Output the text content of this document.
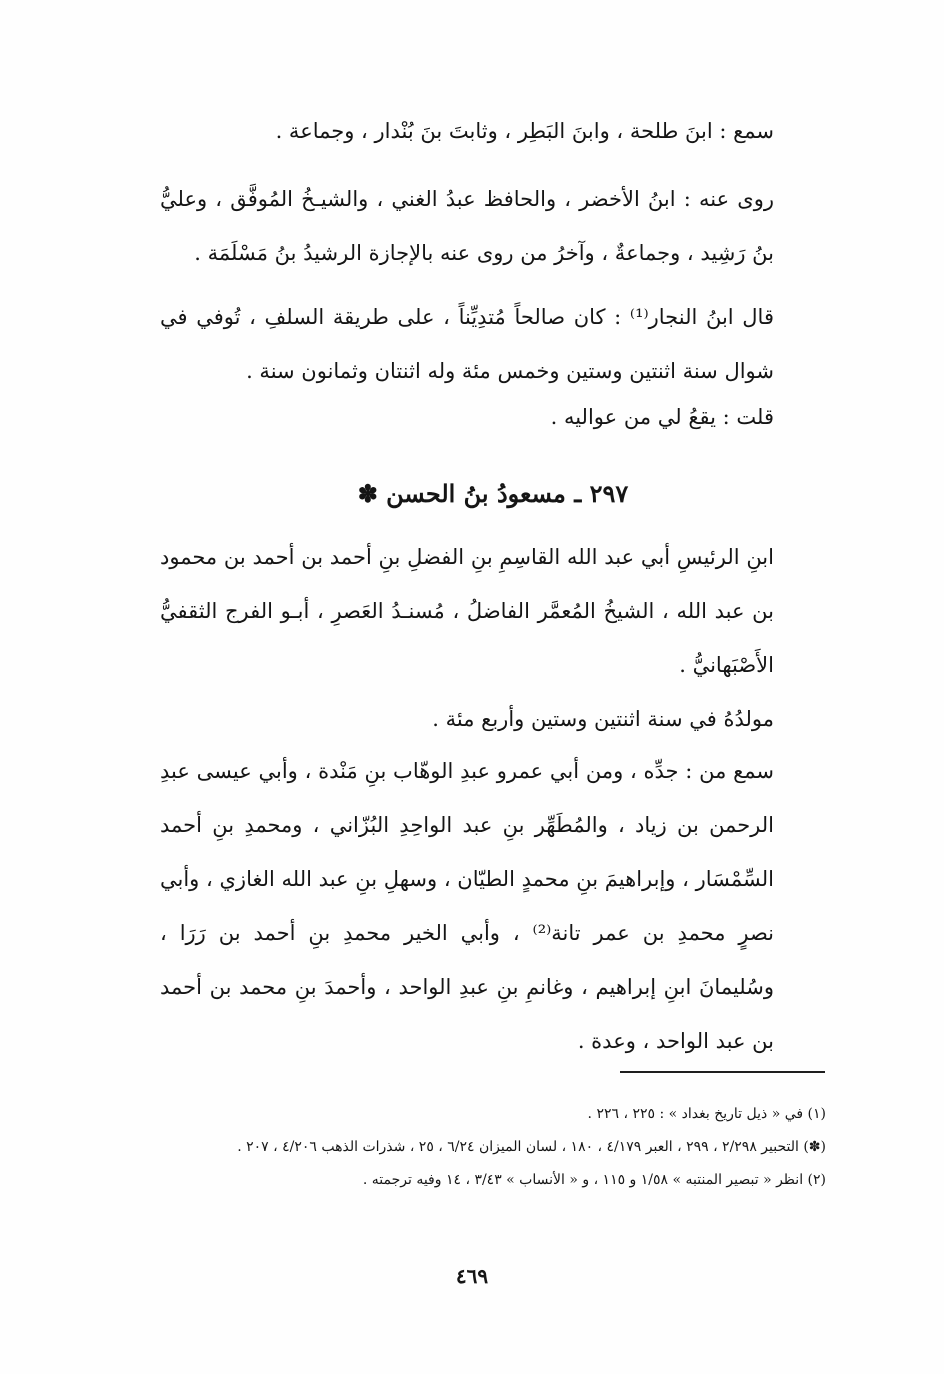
سمع : ابنَ طلحة ، وابنَ البَطِر ، وثابتَ بنَ بُنْدار ، وجماعة .

روى عنه : ابنُ الأخضر ، والحافظ عبدُ الغني ، والشيـخُ المُوفَّق ، وعليُّ بنُ رَشِيد ، وجماعةٌ ، وآخرُ من روى عنه بالإجازة الرشيدُ بنُ مَسْلَمَة .

قال ابنُ النجار⁽¹⁾ : كان صالحاً مُتدِيِّناً ، على طريقة السلفِ ، تُوفي في شوال سنة اثنتين وستين وخمس مئة وله اثنتان وثمانون سنة .

قلت : يقعُ لي من عواليه .

٢٩٧ ـ مسعودُ بنُ الحسن ✽

ابنِ الرئيسِ أبي عبد الله القاسِمِ بنِ الفضلِ بنِ أحمد بن أحمد بن محمود بن عبد الله ، الشيخُ المُعمَّر الفاضلُ ، مُسنـدُ العَصرِ ، أبـو الفرج الثقفيُّ الأَصْبَهانيُّ .

مولدُهُ في سنة اثنتين وستين وأربع مئة .

سمع من : جدِّه ، ومن أبي عمرو عبدِ الوهّاب بنِ مَنْدة ، وأبي عيسى عبدِ الرحمن بن زياد ، والمُطَهِّر بنِ عبد الواحِدِ البُزّاني ، ومحمدِ بنِ أحمد السِّمْسَار ، وإبراهيمَ بنِ محمدٍ الطيّان ، وسهلِ بنِ عبد الله الغازي ، وأبي نصرٍ محمدِ بن عمر تانة⁽²⁾ ، وأبي الخير محمدِ بنِ أحمد بن رَرَا ، وسُليمانَ ابنِ إبراهيم ، وغانمِ بنِ عبدِ الواحد ، وأحمدَ بنِ محمد بن أحمد بن عبد الواحد ، وعدة .

(١) في « ذيل تاريخ بغداد » : ٢٢٥ ، ٢٢٦ .

(✽) التحبير ٢/٢٩٨ ، ٢٩٩ ، العبر ٤/١٧٩ ، ١٨٠ ، لسان الميزان ٦/٢٤ ، ٢٥ ، شذرات الذهب ٤/٢٠٦ ، ٢٠٧ .

(٢) انظر « تبصير المنتبه » ١/٥٨ و ١١٥ ، و « الأنساب » ٣/٤٣ ، ١٤ وفيه ترجمته .

٤٦٩
